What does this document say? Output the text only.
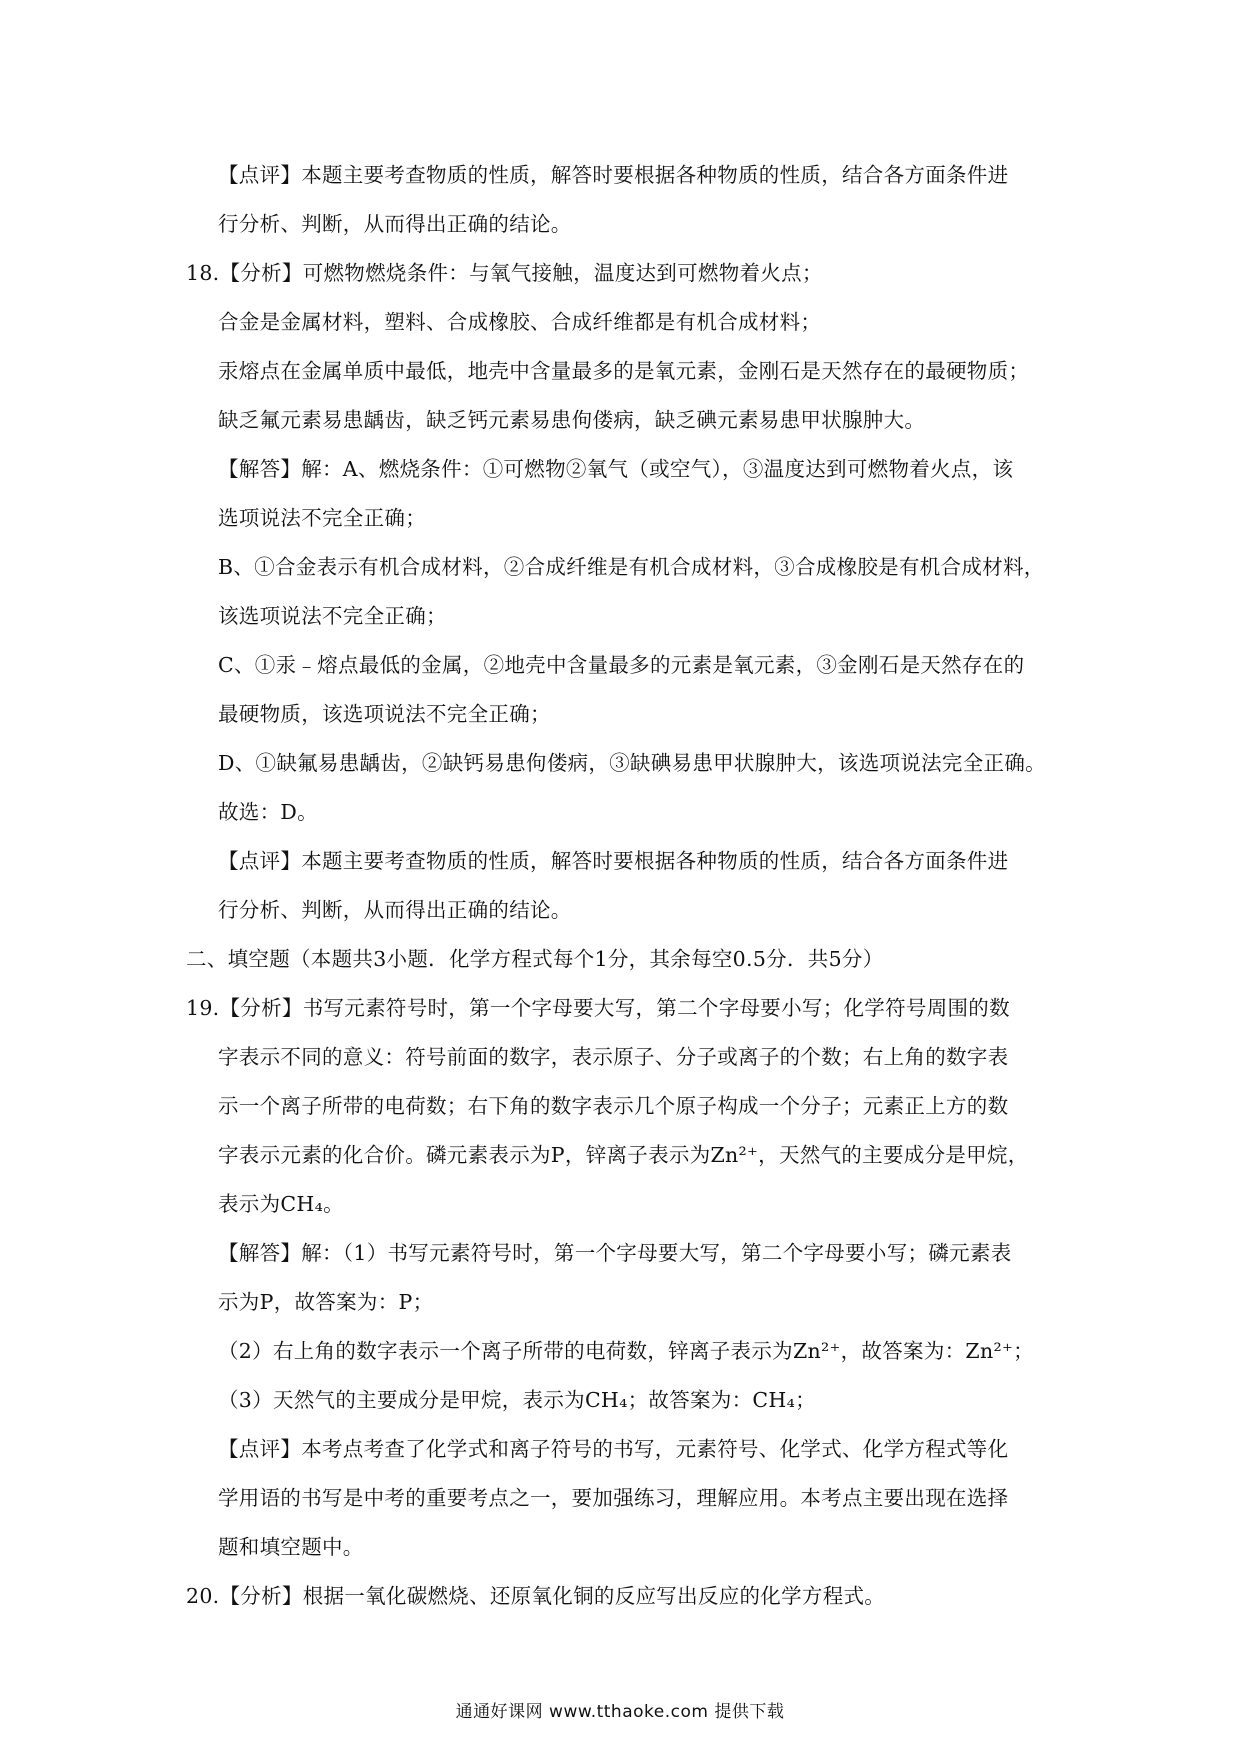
【点评】本题主要考查物质的性质，解答时要根据各种物质的性质，结合各方面条件进
行分析、判断，从而得出正确的结论。
18.【分析】可燃物燃烧条件：与氧气接触，温度达到可燃物着火点；
合金是金属材料，塑料、合成橡胶、合成纤维都是有机合成材料；
汞熔点在金属单质中最低，地壳中含量最多的是氧元素，金刚石是天然存在的最硬物质；
缺乏氟元素易患龋齿，缺乏钙元素易患佝偻病，缺乏碘元素易患甲状腺肿大。
【解答】解：A、燃烧条件：①可燃物②氧气（或空气），③温度达到可燃物着火点，该
选项说法不完全正确；
B、①合金表示有机合成材料，②合成纤维是有机合成材料，③合成橡胶是有机合成材料，
该选项说法不完全正确；
C、①汞﹣熔点最低的金属，②地壳中含量最多的元素是氧元素，③金刚石是天然存在的
最硬物质，该选项说法不完全正确；
D、①缺氟易患龋齿，②缺钙易患佝偻病，③缺碘易患甲状腺肿大，该选项说法完全正确。
故选：D。
【点评】本题主要考查物质的性质，解答时要根据各种物质的性质，结合各方面条件进
行分析、判断，从而得出正确的结论。
二、填空题（本题共3小题．化学方程式每个1分，其余每空0.5分．共5分）
19.【分析】书写元素符号时，第一个字母要大写，第二个字母要小写；化学符号周围的数
字表示不同的意义：符号前面的数字，表示原子、分子或离子的个数；右上角的数字表
示一个离子所带的电荷数；右下角的数字表示几个原子构成一个分子；元素正上方的数
字表示元素的化合价。磷元素表示为P，锌离子表示为Zn²⁺，天然气的主要成分是甲烷，
表示为CH₄。
【解答】解：（1）书写元素符号时，第一个字母要大写，第二个字母要小写；磷元素表
示为P，故答案为：P；
（2）右上角的数字表示一个离子所带的电荷数，锌离子表示为Zn²⁺，故答案为：Zn²⁺；
（3）天然气的主要成分是甲烷，表示为CH₄；故答案为：CH₄；
【点评】本考点考查了化学式和离子符号的书写，元素符号、化学式、化学方程式等化
学用语的书写是中考的重要考点之一，要加强练习，理解应用。本考点主要出现在选择
题和填空题中。
20.【分析】根据一氧化碳燃烧、还原氧化铜的反应写出反应的化学方程式。
通通好课网 www.tthaoke.com 提供下载
